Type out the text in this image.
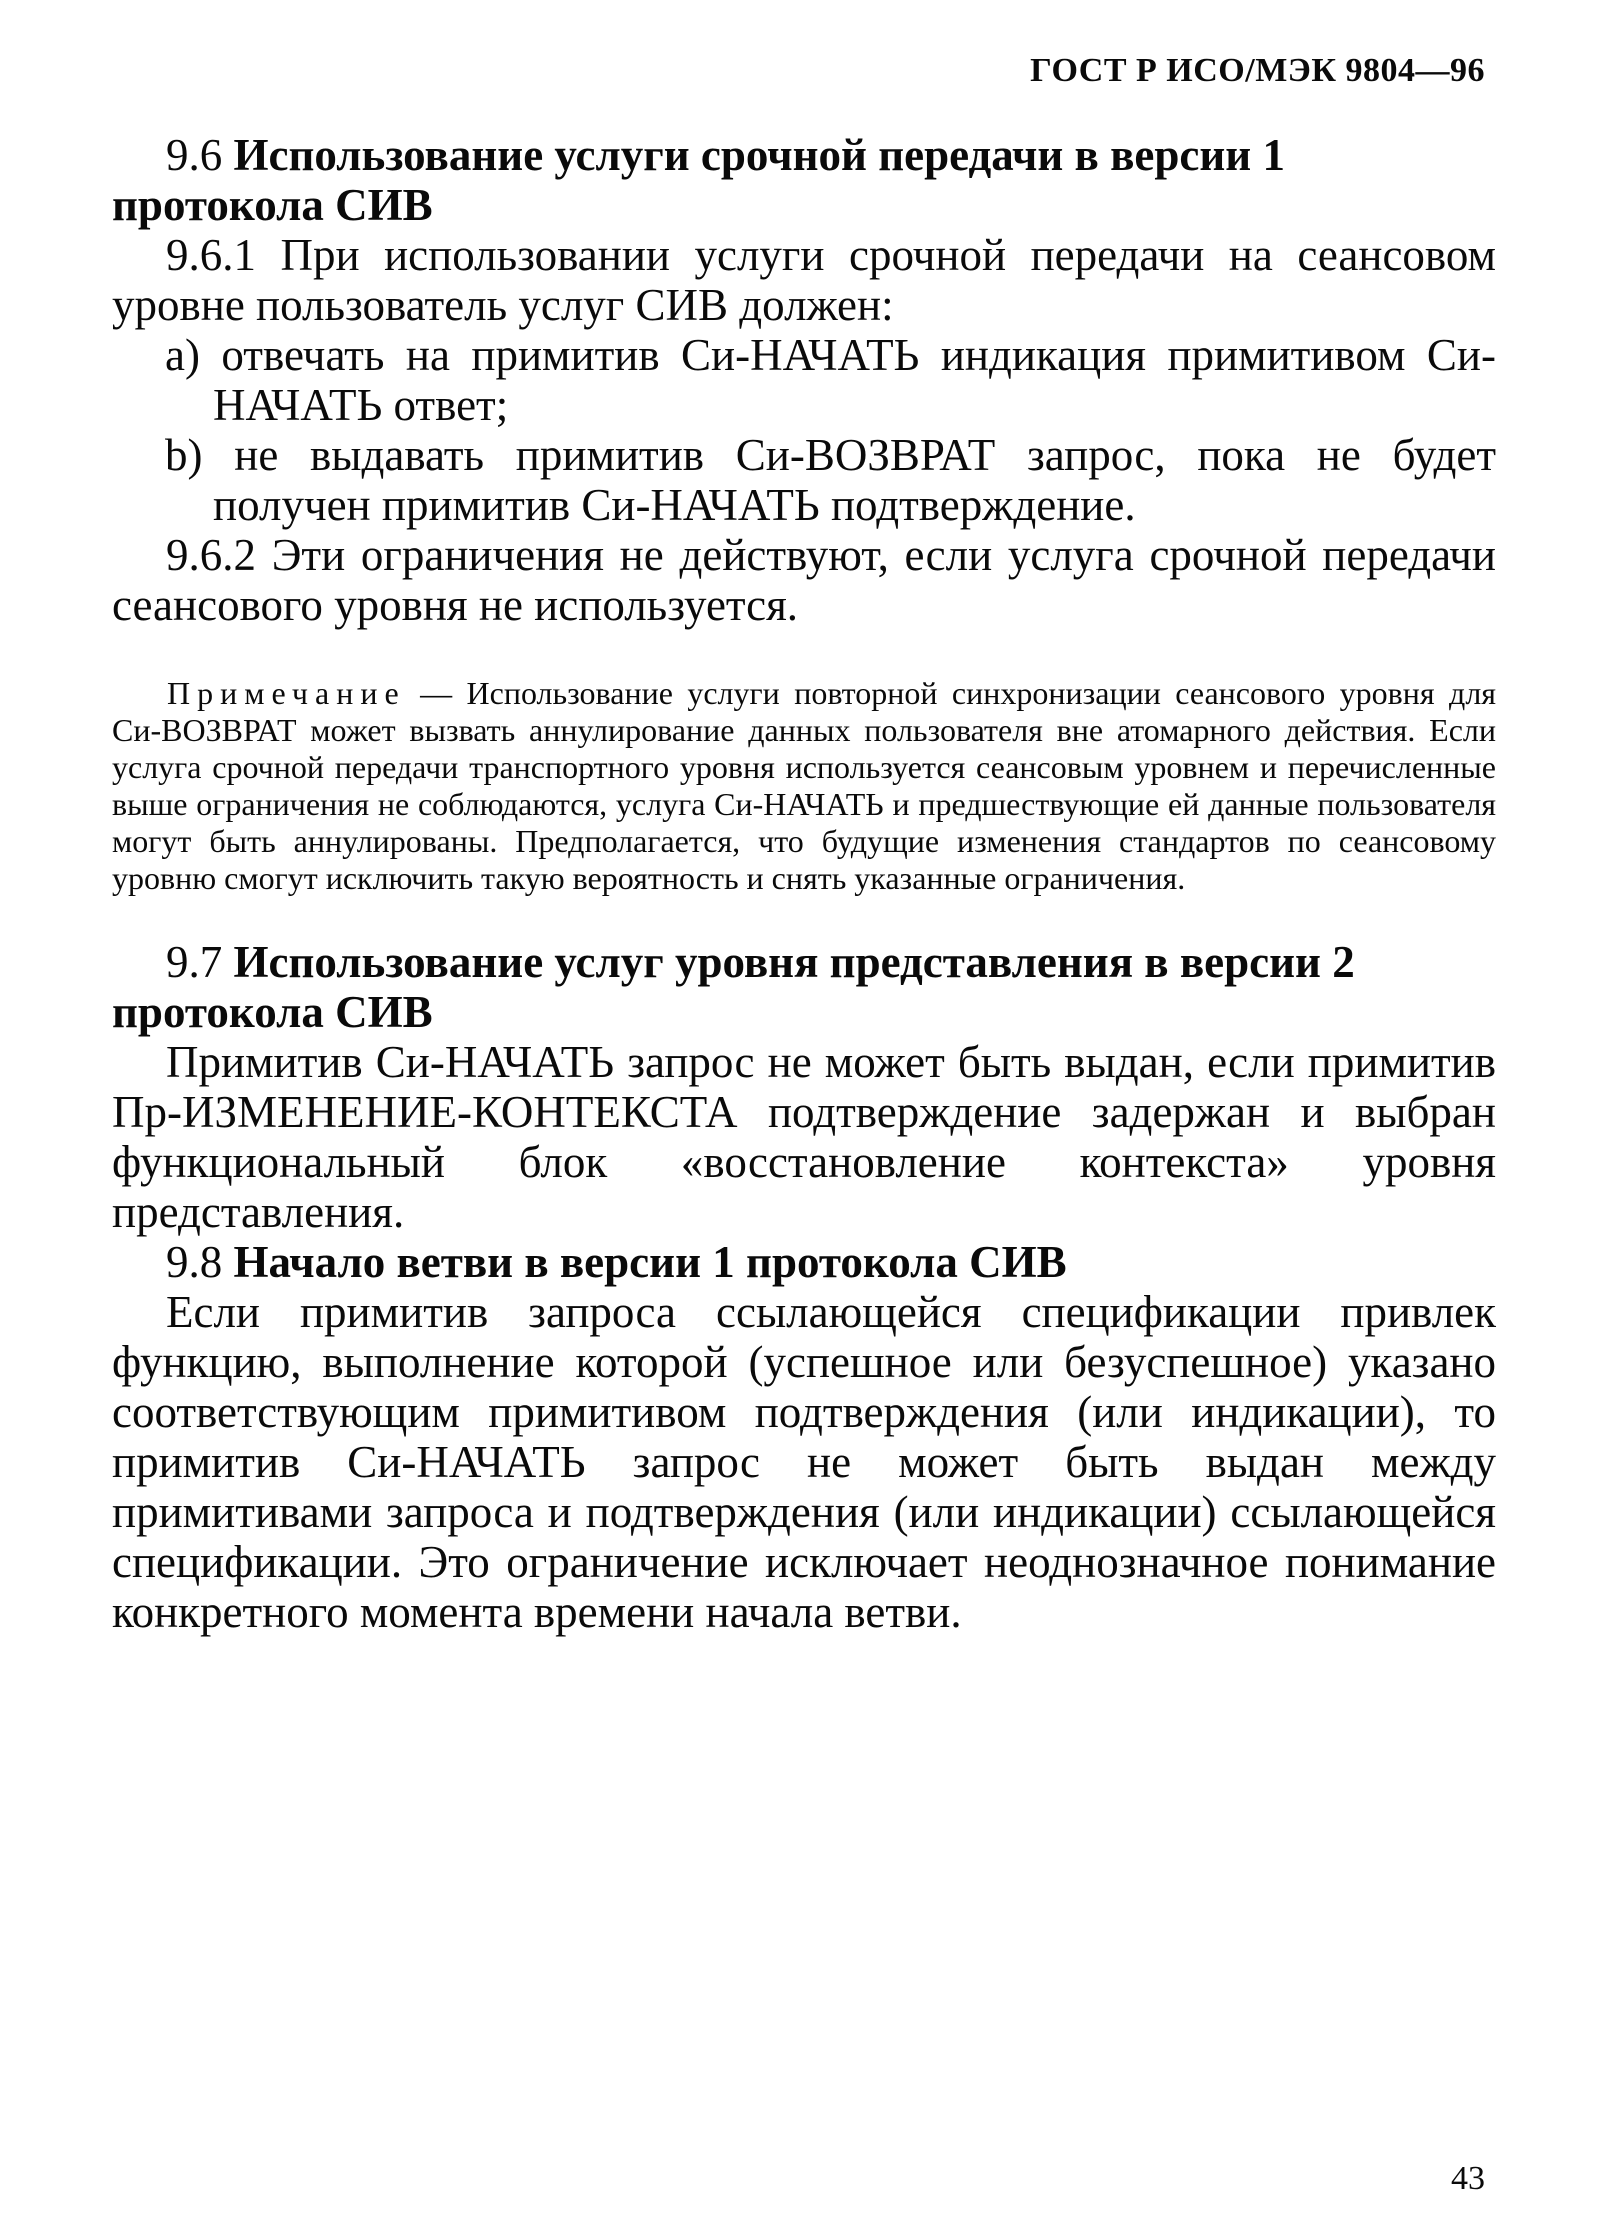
ГОСТ Р ИСО/МЭК 9804—96

9.6 Использование услуги срочной передачи в версии 1 протокола СИВ

9.6.1 При использовании услуги срочной передачи на сеансовом уровне пользователь услуг СИВ должен:

a) отвечать на примитив Си-НАЧАТЬ индикация примитивом Си-НАЧАТЬ ответ;

b) не выдавать примитив Си-ВОЗВРАТ запрос, пока не будет получен примитив Си-НАЧАТЬ подтверждение.

9.6.2 Эти ограничения не действуют, если услуга срочной передачи сеансового уровня не используется.

Примечание — Использование услуги повторной синхронизации сеансового уровня для Си-ВОЗВРАТ может вызвать аннулирование данных пользователя вне атомарного действия. Если услуга срочной передачи транспортного уровня используется сеансовым уровнем и перечисленные выше ограничения не соблюдаются, услуга Си-НАЧАТЬ и предшествующие ей данные пользователя могут быть аннулированы. Предполагается, что будущие изменения стандартов по сеансовому уровню смогут исключить такую вероятность и снять указанные ограничения.

9.7 Использование услуг уровня представления в версии 2 протокола СИВ

Примитив Си-НАЧАТЬ запрос не может быть выдан, если примитив Пр-ИЗМЕНЕНИЕ-КОНТЕКСТА подтверждение задержан и выбран функциональный блок «восстановление контекста» уровня представления.

9.8 Начало ветви в версии 1 протокола СИВ

Если примитив запроса ссылающейся спецификации привлек функцию, выполнение которой (успешное или безуспешное) указано соответствующим примитивом подтверждения (или индикации), то примитив Си-НАЧАТЬ запрос не может быть выдан между примитивами запроса и подтверждения (или индикации) ссылающейся спецификации. Это ограничение исключает неоднозначное понимание конкретного момента времени начала ветви.

43
